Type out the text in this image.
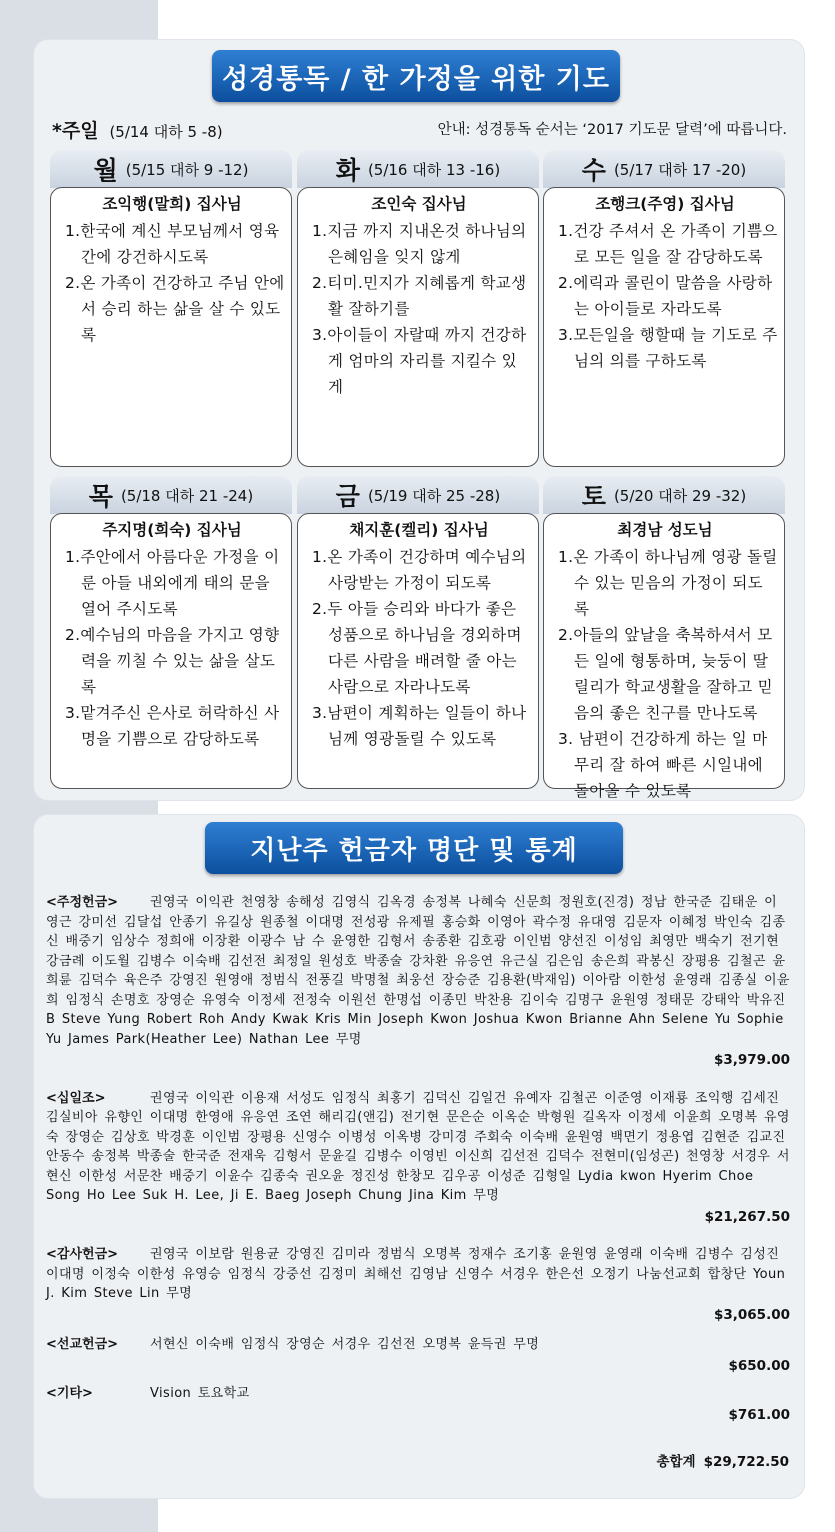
성경통독 / 한 가정을 위한 기도
*주일 (5/14 대하 5 -8)	안내: 성경통독 순서는 ‘2017 기도문 달력’에 따릅니다.
월 (5/15 대하 9 -12)
조익행(말희) 집사님
1.한국에 계신 부모님께서 영육간에 강건하시도록
2.온 가족이 건강하고 주님 안에서 승리 하는 삶을 살 수 있도록
화 (5/16 대하 13 -16)
조인숙 집사님
1.지금 까지 지내온것 하나님의 은혜임을 잊지 않게
2.티미.민지가 지혜롭게 학교생활 잘하기를
3.아이들이 자랄때 까지 건강하게 엄마의 자리를 지킬수 있게
수 (5/17 대하 17 -20)
조행크(주영) 집사님
1.건강 주셔서 온 가족이 기쁨으로 모든 일을 잘 감당하도록
2.에릭과 콜린이 말씀을 사랑하는 아이들로 자라도록
3.모든일을 행할때 늘 기도로 주님의 의를 구하도록
목 (5/18 대하 21 -24)
주지명(희숙) 집사님
1.주안에서 아름다운 가정을 이룬 아들 내외에게 태의 문을 열어 주시도록
2.예수님의 마음을 가지고 영향력을 끼칠 수 있는 삶을 살도록
3.맡겨주신 은사로 허락하신 사명을 기쁨으로 감당하도록
금 (5/19 대하 25 -28)
채지훈(켈리) 집사님
1.온 가족이 건강하며 예수님의 사랑받는 가정이 되도록
2.두 아들 승리와 바다가 좋은 성품으로 하나님을 경외하며 다른 사람을 배려할 줄 아는 사람으로 자라나도록
3.남편이 계획하는 일들이 하나님께 영광돌릴 수 있도록
토 (5/20 대하 29 -32)
최경남 성도님
1.온 가족이 하나님께 영광 돌릴 수 있는 믿음의 가정이 되도록
2.아들의 앞날을 축복하셔서 모든 일에 형통하며, 늦둥이 딸 릴리가 학교생활을 잘하고 믿음의 좋은 친구를 만나도록
3. 남편이 건강하게 하는 일 마무리 잘 하여 빠른 시일내에 돌아올 수 있도록
지난주 헌금자 명단 및 통계
<주정헌금> 권영국 이익관 천영창 송해성 김영식 김옥경 송정복 나혜숙 신문희 정원호(진경) 정남 한국준 김태운 이영근 강미선 김달섭 안종기 유길상 원종철 이대명 전성광 유제필 홍승화 이영아 곽수정 유대영 김문자 이혜정 박인숙 김종신 배중기 임상수 정희애 이장환 이광수 남 수 윤영한 김형서 송종환 김호광 이인범 양선진 이성임 최영만 백숙기 전기현 강금례 이도월 김병수 이숙배 김선전 최정일 원성호 박종술 강차환 유응연 유근실 김은임 송은희 곽봉신 장평용 김철곤 윤희륜 김덕수 육은주 강영진 원영애 정범식 전풍길 박명철 최웅선 장승준 김용환(박재임) 이아람 이한성 윤영래 김종실 이윤희 임정식 손명호 장영순 유영숙 이정세 전정숙 이원선 한명섭 이종민 박찬용 김이숙 김명구 윤원영 정태문 강태악 박유진B Steve Yung Robert Roh Andy Kwak Kris Min Joseph Kwon Joshua Kwon Brianne Ahn Selene Yu Sophie Yu James Park(Heather Lee) Nathan Lee 무명
$3,979.00
<십일조>	권영국 이익관 이용재 서성도 임정식 최홍기 김덕신 김일건 유예자 김철곤 이준영 이재룡 조익행 김세진 김실비아 유향인 이대명 한영애 유응연 조연 해리김(앤김) 전기현 문은순 이옥순 박형원 길옥자 이정세 이윤희 오명복 유영숙 장영순 김상호 박경훈 이인범 장평용 신영수 이병성 이옥병 강미경 주회숙 이숙배 윤원영 백면기 정용엽 김현준 김교진 안동수 송정복 박종술 한국준 전재욱 김형서 문윤길 김병수 이영빈 이신희 김선전 김덕수 전현미(임성곤) 천영창 서경우 서현신 이한성 서문찬 배중기 이윤수 김종숙 권오윤 정진성 한창모 김우공 이성준 김형일 Lydia kwon Hyerim Choe Song Ho Lee Suk H. Lee, Ji E. Baeg Joseph Chung Jina Kim 무명
$21,267.50
<감사헌금> 권영국 이보람 원용균 강영진 김미라 정범식 오명복 정재수 조기홍 윤원영 윤영래 이숙배 김병수 김성진 이대명 이정숙 이한성 유영승 임정식 강중선 김정미 최해선 김영남 신영수 서경우 한은선 오정기 나눔선교회 합창단 Youn J. Kim Steve Lin 무명
$3,065.00
<선교헌금> 서현신 이숙배 임정식 장영순 서경우 김선전 오명복 윤득권 무명
$650.00
<기타>	Vision 토요학교
$761.00
총합계 $29,722.50
